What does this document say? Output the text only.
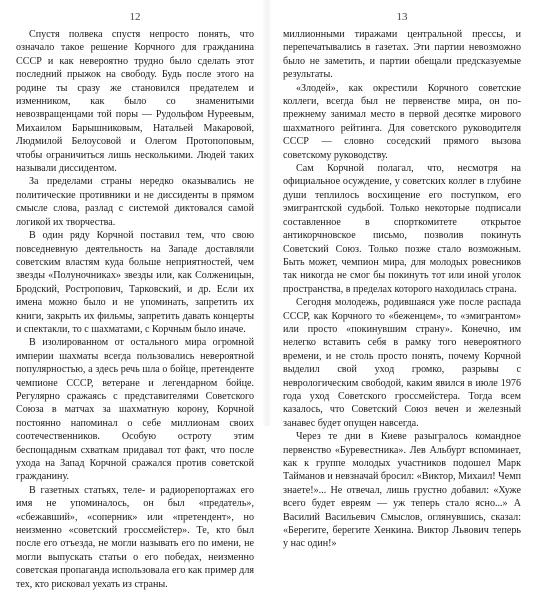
12

Спустя полвека спустя непросто понять, что означало такое решение Корчного для гражданина СССР и как невероятно трудно было сделать этот последний прыжок на свободу. Будь после этого на родине ты сразу же становился предателем и изменником, как было со знаменитыми невозвращенцами той поры — Рудольфом Нуреевым, Михаилом Барышниковым, Натальей Макаровой, Людмилой Белоусовой и Олегом Протопоповым, чтобы ограничиться лишь несколькими. Людей таких называли диссидентом.

За пределами страны нередко оказывались не политические противники и не диссиденты в прямом смысле слова, разлад с системой диктовался самой логикой их творчества.

В один ряду Корчной поставил тем, что свою повседневную деятельность на Западе доставляли советским властям куда больше неприятностей, чем звезды «Полуночниках» звезды или, как Солженицын, Бродский, Ростропович, Тарковский, и др. Если их имена можно было и не упоминать, запретить их книги, закрыть их фильмы, запретить давать концерты и спектакли, то с шахматами, с Корчным было иначе.

В изолированном от остального мира огромной империи шахматы всегда пользовались невероятной популярностью, а здесь речь шла о бойце, претенденте чемпионе СССР, ветеране и легендарном бойце. Регулярно сражаясь с представителями Советского Союза в матчах за шахматную корону, Корчной постоянно напоминал о себе миллионам своих соотечественников. Особую остроту этим беспощадным схваткам придавал тот факт, что после ухода на Запад Корчной сражался против советской гражданину.

В газетных статьях, теле- и радиорепортажах его имя не упоминалось, он был «предатель», «сбежавший», «соперник» или «претендент», но неизменно «советский гроссмейстер». Те, кто был после его отъезда, не могли называть его по имени, не могли выпускать статьи о его победах, неизменно советская пропаганда использовала его как пример для тех, кто рисковал уехать из страны.

13

миллионными тиражами центральной прессы, и перепечатывались в газетах. Эти партии невозможно было не заметить, и партии обещали предсказуемые результаты.

«Злодей», как окрестили Корчного советские коллеги, всегда был не первенстве мира, он по-прежнему занимал место в первой десятке мирового шахматного рейтинга. Для советского руководителя СССР — словно соседский прямого вызова советскому руководству.

Сам Корчной полагал, что, несмотря на официальное осуждение, у советских коллег в глубине души теплилось восхищение его поступком, его эмигрантской судьбой. Только некоторые подписали составленное в спорткомитете открытое антикорчновское письмо, позволив покинуть Советский Союз. Только позже стало возможным. Быть может, чемпион мира, для молодых ровесников так никогда не смог бы покинуть тот или иной уголок пространства, в пределах которого находилась страна.

Сегодня молодежь, родившаяся уже после распада СССР, как Корчного то «беженцем», то «эмигрантом» или просто «покинувшим страну». Конечно, им нелегко вставить себя в рамку того невероятного времени, и не столь просто понять, почему Корчной выделил свой уход громко, разрывы с неврологическим свободой, каким явился в июле 1976 года уход Советского гроссмейстера. Тогда всем казалось, что Советский Союз вечен и железный занавес будет опущен навсегда.

Через те дни в Киеве разыгралось командное первенство «Буревестника». Лев Альбурт вспоминает, как к группе молодых участников подошел Марк Тайманов и невзначай бросил: «Виктор, Михаил! Чемп знаете!»... Не отвечал, лишь грустно добавил: «Хуже всего будет евреям — уж теперь стало ясно...» А Василий Васильевич Смыслов, оглянувшись, сказал: «Берегите, берегите Хенкина. Виктор Львович теперь у нас один!»
